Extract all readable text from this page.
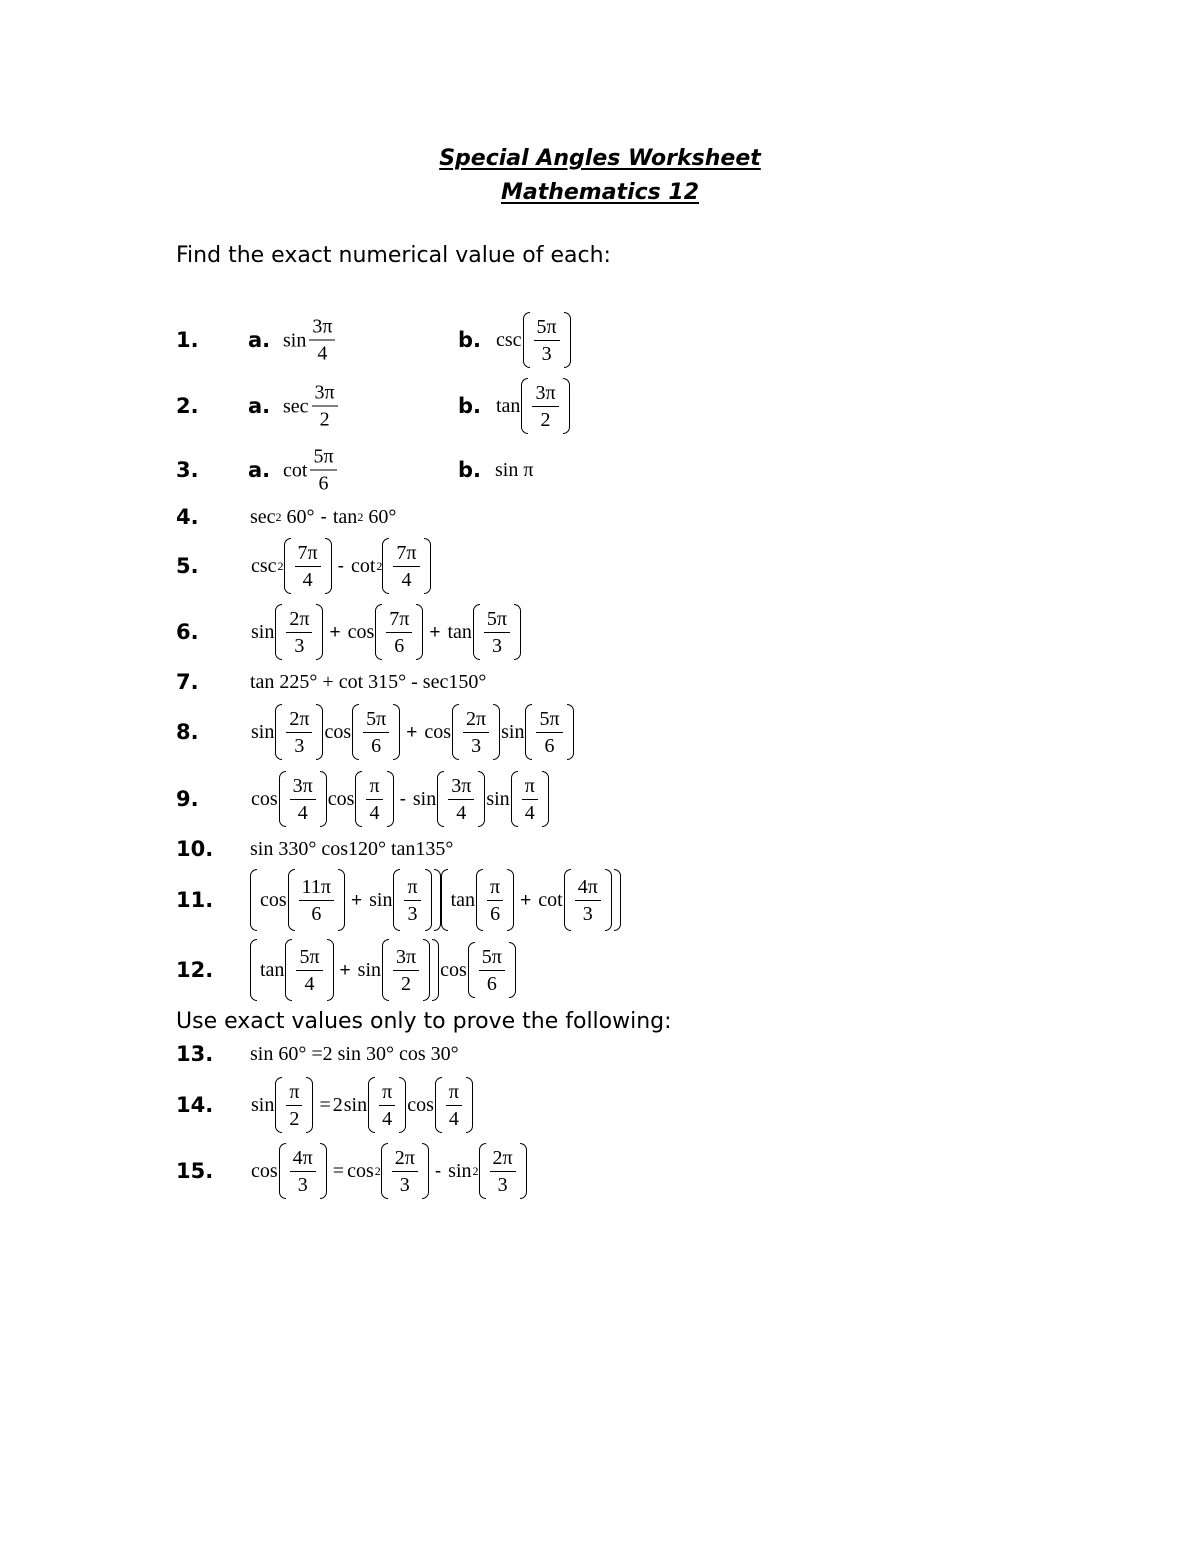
Special Angles Worksheet
Mathematics 12
Find the exact numerical value of each:
1. a. $\sin \frac{3\pi}{4}$	b. $\csc \frac{5\pi}{3}$
2. a. $\sec \frac{3\pi}{2}$	b. $\tan \frac{3\pi}{2}$
3. a. $\cot \frac{5\pi}{6}$	b. sin π
4.	sec 2
60° - tan 2
60°
5.	$\csc 2 \frac{7\pi}{4}$ - $\cot 2 \frac{7\pi}{4}$
6.	$\sin \frac{2\pi}{3} + \cos \frac{7\pi}{6} + \tan \frac{5\pi}{3}$
7.	tan 225° + cot 315° - sec150°
8.	$\sin \frac{2\pi}{3}$ $\cos \frac{5\pi}{6} + \cos \frac{2\pi}{3}$ $\sin \frac{5\pi}{6}$
9.	$\cos \frac{3\pi}{4}$ $\cos \frac{\pi}{4}$ - $\sin \frac{3\pi}{4}$ $\sin \frac{\pi}{4}$
10. sin 330° cos120° tan135°
11. $\cos \frac{11\pi}{6} + \sin \frac{\pi}{3}$ $\tan \frac{\pi}{6} + \cot \frac{4\pi}{3}$
12. $\tan \frac{5\pi}{4} + \sin \frac{3\pi}{2}$ $\cos \frac{5\pi}{6}$
Use exact values only to prove the following:
13. sin 60° =2 sin 30° cos 30°
14. $\sin \frac{\pi}{2} = 2$ $\sin \frac{\pi}{4}$ $\cos \frac{\pi}{4}$
15. $\cos \frac{4\pi}{3} = \cos 2 \frac{2\pi}{3} - \sin 2 \frac{2\pi}{3}$
